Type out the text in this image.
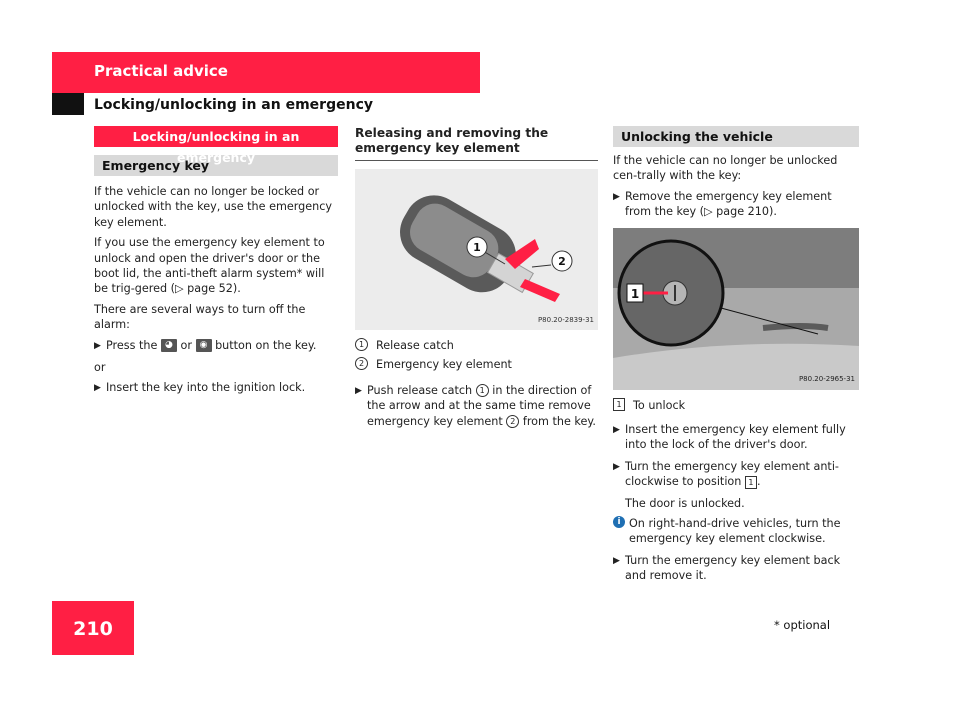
Practical advice
Locking/unlocking in an emergency
Locking/unlocking in an emergency
Emergency key

If the vehicle can no longer be locked or unlocked with the key, use the emergency key element.

If you use the emergency key element to unlock and open the driver's door or the boot lid, the anti-theft alarm system* will be trig-gered (▷ page 52).

There are several ways to turn off the alarm:

▶ Press the ◕ or ◉ button on the key.

or

▶ Insert the key into the ignition lock.
Releasing and removing the emergency key element
1
2
P80.20-2839-31
1	Release catch
2	Emergency key element
▶ Push release catch 1 in the direction of the arrow and at the same time remove emergency key element 2 from the key.
Unlocking the vehicle

If the vehicle can no longer be unlocked cen-trally with the key:

▶ Remove the emergency key element from the key (▷ page 210).
1
P80.20-2965-31
1	To unlock
▶ Insert the emergency key element fully into the lock of the driver's door.
▶ Turn the emergency key element anti-clockwise to position 1 .

The door is unlocked.

i On right-hand-drive vehicles, turn the emergency key element clockwise.
▶ Turn the emergency key element back and remove it.
210	* optional
